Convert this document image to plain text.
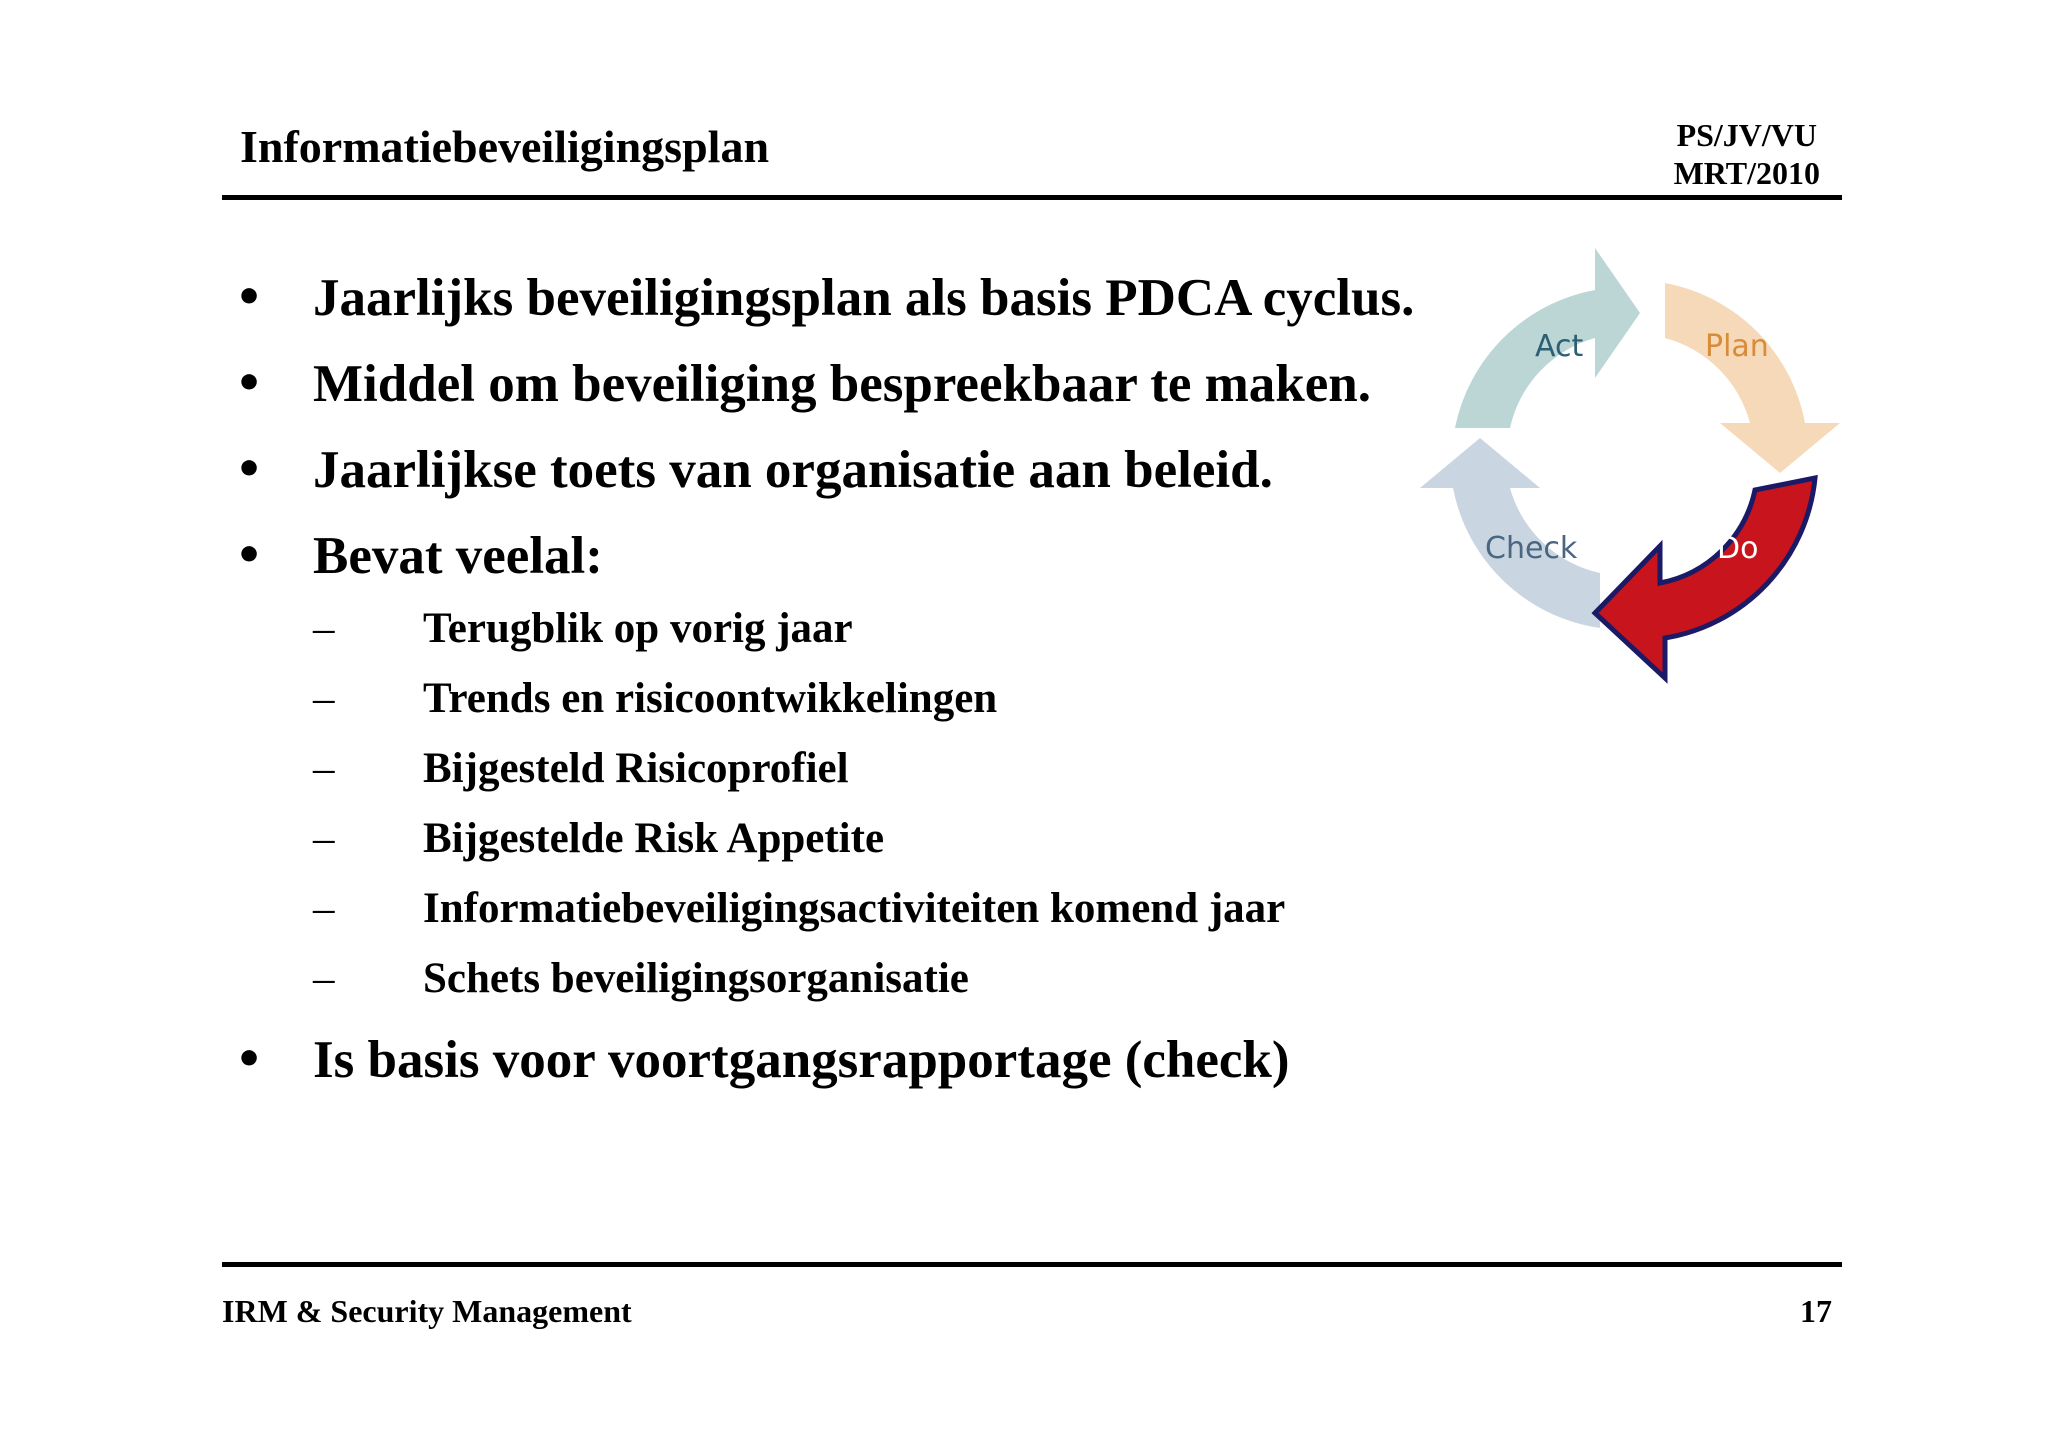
Informatiebeveiligingsplan	PS/JV/VU
MRT/2010
• Jaarlijks beveiligingsplan als basis PDCA cyclus.
• Middel om beveiliging bespreekbaar te maken.
• Jaarlijkse toets van organisatie aan beleid.
• Bevat veelal:
– Terugblik op vorig jaar
– Trends en risicoontwikkelingen
– Bijgesteld Risicoprofiel
– Bijgestelde Risk Appetite
– Informatiebeveiligingsactiviteiten komend jaar
– Schets beveiligingsorganisatie
• Is basis voor voortgangsrapportage (check)
Act	Plan
Check	Do
IRM & Security Management	17
